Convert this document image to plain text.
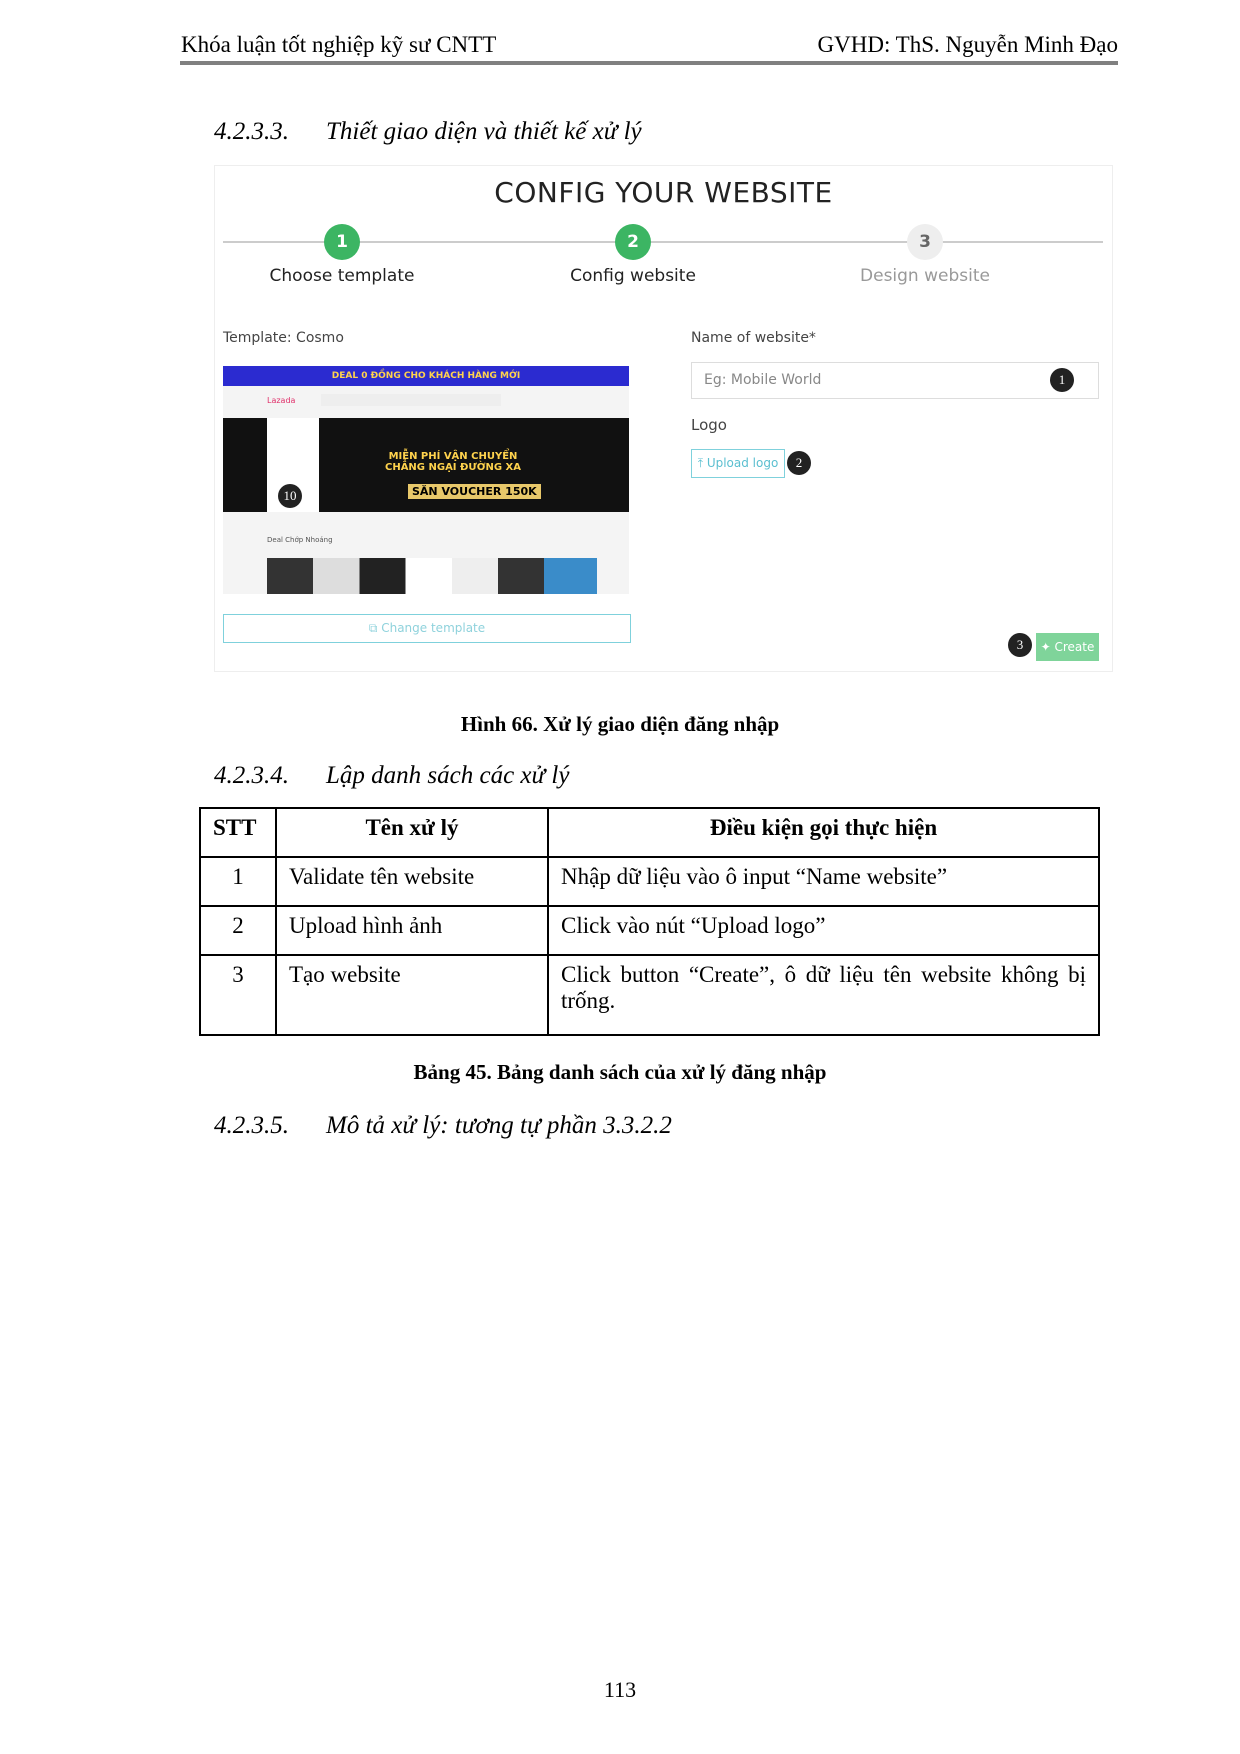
Khóa luận tốt nghiệp kỹ sư CNTT	GVHD: ThS. Nguyễn Minh Đạo
4.2.3.3. Thiết giao diện và thiết kế xử lý
CONFIG YOUR WEBSITE
1	2	3
Choose template	Config website	Design website
Template: Cosmo
DEAL 0 ĐỒNG CHO KHÁCH HÀNG MỚI
Lazada
MIỄN PHÍ VẬN CHUYỂN CHẲNG NGẠI ĐƯỜNG XA
SĂN VOUCHER 150K
Deal Chớp Nhoáng
10
⧉ Change template
Name of website*
Eg: Mobile World	1
Logo
⤒ Upload logo	2
3	✦ Create
Hình 66. Xử lý giao diện đăng nhập
4.2.3.4. Lập danh sách các xử lý
STT	Tên xử lý	Điều kiện gọi thực hiện
1	Validate tên website	Nhập dữ liệu vào ô input “Name website”
2	Upload hình ảnh	Click vào nút “Upload logo”
3	Tạo website	Click button “Create”, ô dữ liệu tên website không bị trống.
Bảng 45. Bảng danh sách của xử lý đăng nhập
4.2.3.5. Mô tả xử lý: tương tự phần 3.3.2.2
113
